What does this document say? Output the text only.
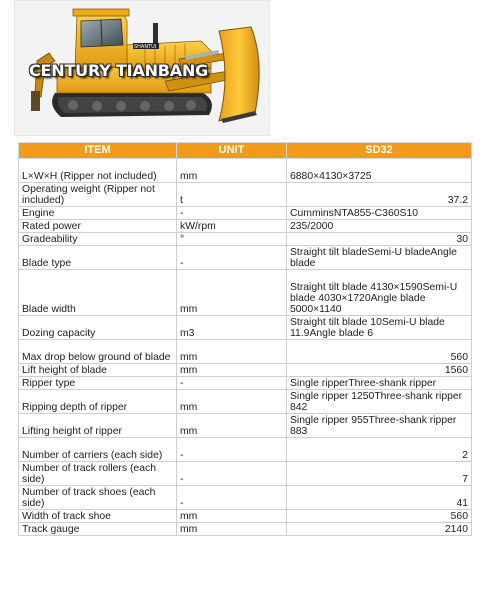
SHANTUI
CENTURY TIANBANG
ITEM	UNIT	SD32
L×W×H (Ripper not included)	mm	6880×4130×3725
Operating weight (Ripper not included)	t	37.2
Engine	-	CumminsNTA855-C360S10
Rated power	kW/rpm	235/2000
Gradeability	°	30
Blade type	-	Straight tilt bladeSemi-U bladeAngle blade
Blade width	mm	Straight tilt blade 4130×1590Semi-U blade 4030×1720Angle blade 5000×1140
Dozing capacity	m3	Straight tilt blade 10Semi-U blade 11.9Angle blade 6
Max drop below ground of blade	mm	560
Lift height of blade	mm	1560
Ripper type	-	Single ripperThree-shank ripper
Ripping depth of ripper	mm	Single ripper 1250Three-shank ripper 842
Lifting height of ripper	mm	Single ripper 955Three-shank ripper 883
Number of carriers (each side)	-	2
Number of track rollers (each side)	-	7
Number of track shoes (each side)	-	41
Width of track shoe	mm	560
Track gauge	mm	2140
